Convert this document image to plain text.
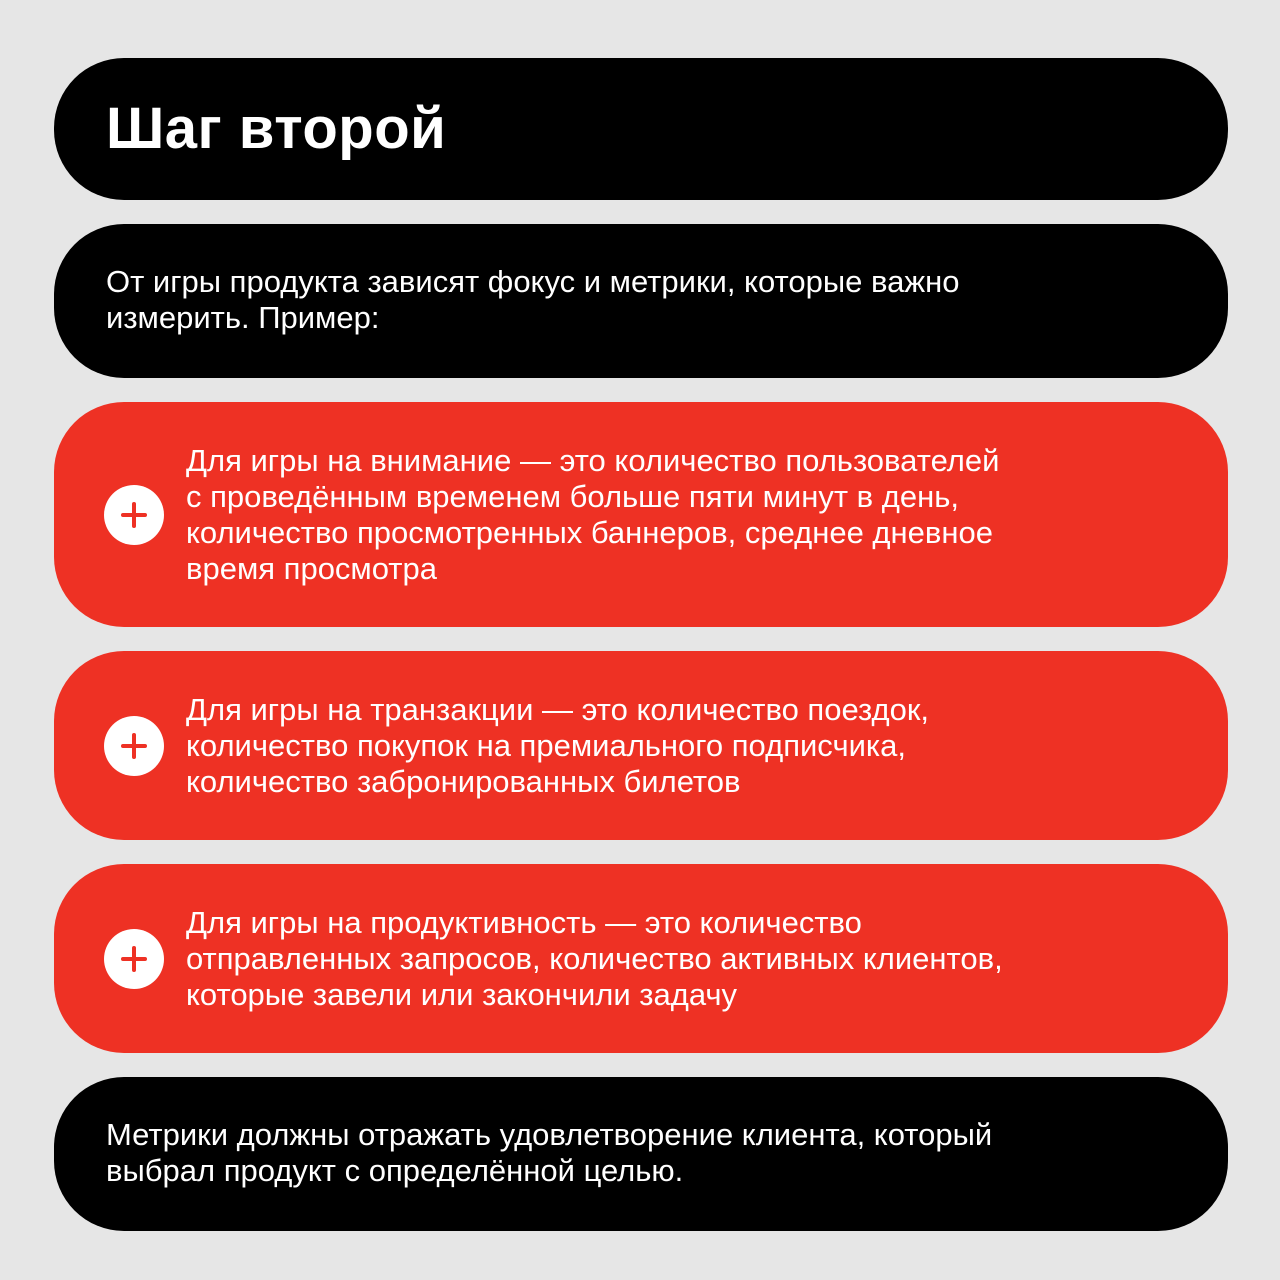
Шаг второй
От игры продукта зависят фокус и метрики, которые важно
измерить. Пример:
Для игры на внимание — это количество пользователей
с проведённым временем больше пяти минут в день,
количество просмотренных баннеров, среднее дневное
время просмотра
Для игры на транзакции — это количество поездок,
количество покупок на премиального подписчика,
количество забронированных билетов
Для игры на продуктивность — это количество
отправленных запросов, количество активных клиентов,
которые завели или закончили задачу
Метрики должны отражать удовлетворение клиента, который
выбрал продукт с определённой целью.
